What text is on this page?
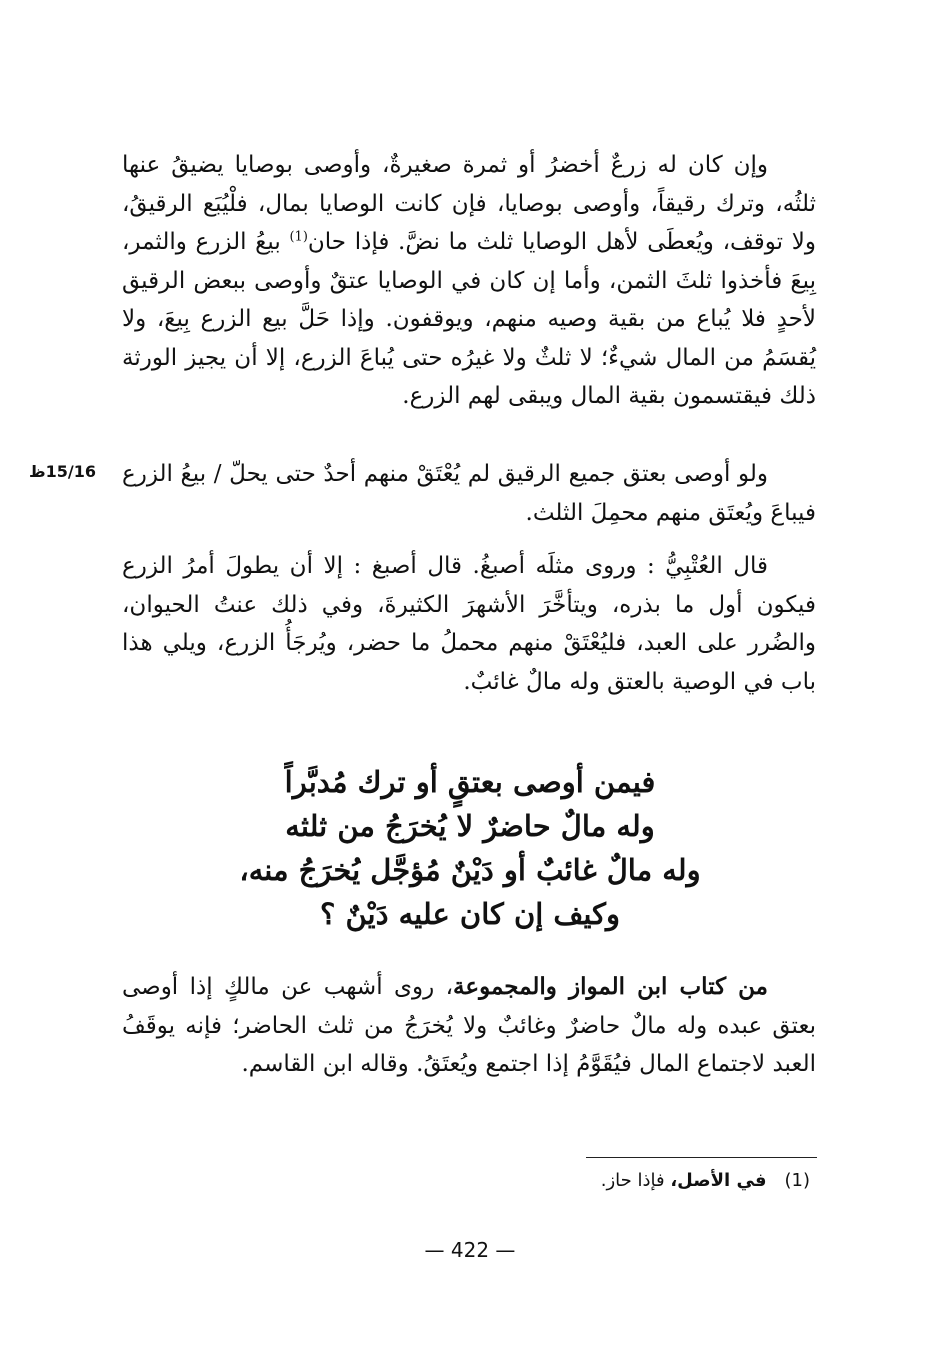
وإن كان له زرعٌ أخضرُ أو ثمرة صغيرةٌ، وأوصى بوصايا يضيقُ عنها ثلثُه، وترك رقيقاً، وأوصى بوصايا، فإن كانت الوصايا بمال، فلْيُبَع الرقيقُ، ولا توقف، ويُعطَى لأهل الوصايا ثلث ما نضَّ. فإذا حان$^{(1)}$ بيعُ الزرع والثمر، بِيعَ فأخذوا ثلثَ الثمن، وأما إن كان في الوصايا عتقٌ وأوصى ببعض الرقيق لأحدٍ فلا يُباع من بقية وصيه منهم، ويوقفون. وإذا حَلَّ بيع الزرع بِيعَ، ولا يُقسَمُ من المال شيءٌ؛ لا ثلثٌ ولا غيرُه حتى يُباعَ الزرع، إلا أن يجيز الورثة ذلك فيقتسمون بقية المال ويبقى لهم الزرع.

15/16ظ ولو أوصى بعتق جميع الرقيق لم يُعْتَقْ منهم أحدٌ حتى يحلّ / بيعُ الزرع فيباعَ ويُعتَق منهم محمِلَ الثلث.

قال العُتْبِيُّ : وروى مثلَه أصبغُ. قال أصبغ : إلا أن يطولَ أمرُ الزرع فيكون أول ما بذره، ويتأخَّرَ الأشهرَ الكثيرةَ، وفي ذلك عنتُ الحيوان، والضُرر على العبد، فليُعْتَقْ منهم محملُ ما حضر، ويُرجَأُ الزرع، ويلي هذا باب في الوصية بالعتق وله مالٌ غائبٌ.

فيمن أوصى بعتقٍ أو ترك مُدبَّراً
وله مالٌ حاضرٌ لا يُخرَجُ من ثلثه
وله مالٌ غائبٌ أو دَيْنٌ مُؤجَّل يُخرَجُ منه،
وكيف إن كان عليه دَيْنٌ ؟

من كتاب ابن المواز والمجموعة، روى أشهب عن مالكٍ إذا أوصى بعتق عبده وله مالٌ حاضرٌ وغائبٌ ولا يُخرَجُ من ثلث الحاضر؛ فإنه يوقَفُ العبد لاجتماع المال فيُقَوَّمُ إذا اجتمع ويُعتَقُ. وقاله ابن القاسم.

(1)في الأصل، فإذا حاز.
— 422 —
